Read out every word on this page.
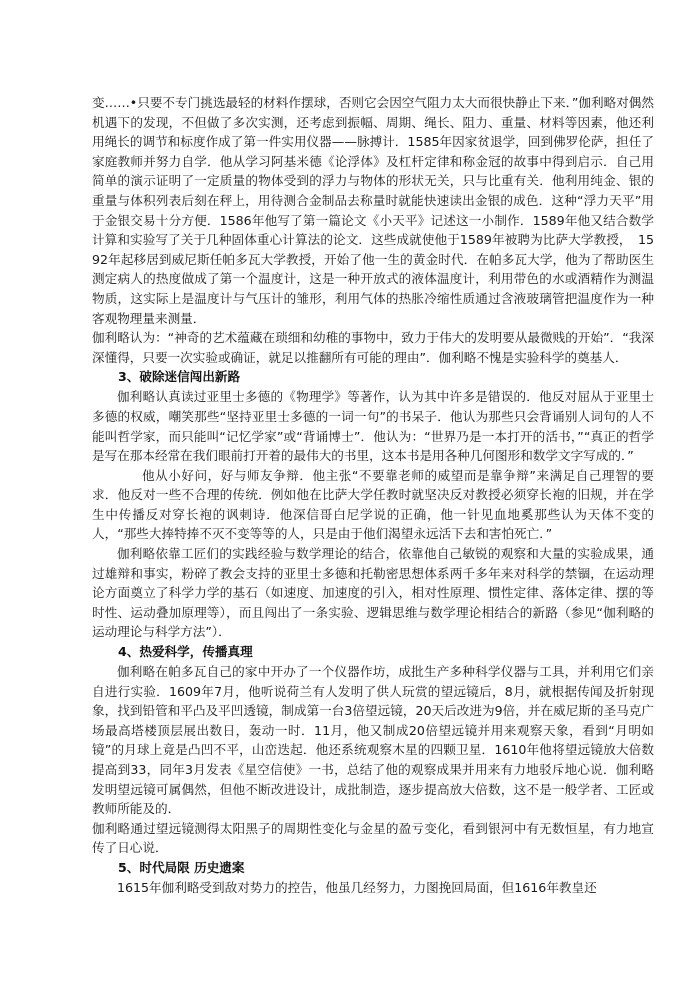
变……•只要不专门挑选最轻的材料作摆球，否则它会因空气阻力太大而很快静止下来．”伽利略对偶然机遇下的发现，不但做了多次实测，还考虑到振幅、周期、绳长、阻力、重量、材料等因素，他还利用绳长的调节和标度作成了第一件实用仪器——脉搏计．1585年因家贫退学，回到佛罗伦萨，担任了家庭教师并努力自学．他从学习阿基米德《论浮体》及杠杆定律和称金冠的故事中得到启示．自己用简单的演示证明了一定质量的物体受到的浮力与物体的形状无关，只与比重有关．他利用纯金、银的重量与体积列表后刻在秤上，用待测合金制品去称量时就能快速读出金银的成色．这种“浮力天平”用于金银交易十分方便．1586年他写了第一篇论文《小天平》记述这一小制作．1589年他又结合数学计算和实验写了关于几种固体重心计算法的论文．这些成就使他于1589年被聘为比萨大学教授，　1592年起移居到威尼斯任帕多瓦大学教授，开始了他一生的黄金时代．在帕多瓦大学，他为了帮助医生测定病人的热度做成了第一个温度计，这是一种开放式的液体温度计，利用带色的水或酒精作为测温物质，这实际上是温度计与气压计的雏形，利用气体的热胀冷缩性质通过含液玻璃管把温度作为一种客观物理量来测量．

伽利略认为：“神奇的艺术蕴藏在琐细和幼稚的事物中，致力于伟大的发明要从最微贱的开始”．“我深深懂得，只要一次实验或确证，就足以推翻所有可能的理由”．伽利略不愧是实验科学的奠基人．

3、破除迷信闯出新路

伽利略认真读过亚里士多德的《物理学》等著作，认为其中许多是错误的．他反对屈从于亚里士多德的权威，嘲笑那些“坚持亚里士多德的一词一句”的书呆子．他认为那些只会背诵别人词句的人不能叫哲学家，而只能叫“记忆学家”或“背诵博士”．他认为：“世界乃是一本打开的活书，”“真正的哲学是写在那本经常在我们眼前打开着的最伟大的书里，这本书是用各种几何图形和数学文字写成的．”

他从小好问，好与师友争辩．他主张“不要靠老师的威望而是靠争辩”来满足自己理智的要求．他反对一些不合理的传统．例如他在比萨大学任教时就坚决反对教授必须穿长袍的旧规，并在学生中传播反对穿长袍的讽刺诗．他深信哥白尼学说的正确，他一针见血地奚那些认为天体不变的人，“那些大捧特捧不灭不变等等的人，只是由于他们渴望永远活下去和害怕死亡．”

伽利略依靠工匠们的实践经验与数学理论的结合，依靠他自己敏锐的观察和大量的实验成果，通过雄辩和事实，粉碎了教会支持的亚里士多德和托勒密思想体系两千多年来对科学的禁锢，在运动理论方面奠立了科学力学的基石（如速度、加速度的引入，相对性原理、惯性定律、落体定律、摆的等时性、运动叠加原理等），而且闯出了一条实验、逻辑思维与数学理论相结合的新路（参见“伽利略的运动理论与科学方法”）．

4、热爱科学，传播真理

伽利略在帕多瓦自己的家中开办了一个仪器作坊，成批生产多种科学仪器与工具，并利用它们亲自进行实验．1609年7月，他听说荷兰有人发明了供人玩赏的望远镜后，8月，就根据传闻及折射现象，找到铅管和平凸及平凹透镜，制成第一台3倍望远镜，20天后改进为9倍，并在威尼斯的圣马克广场最高塔楼顶层展出数日，轰动一时．11月，他又制成20倍望远镜并用来观察天象，看到“月明如镜”的月球上竟是凸凹不平，山峦迭起．他还系统观察木星的四颗卫星．1610年他将望远镜放大倍数提高到33，同年3月发表《星空信使》一书，总结了他的观察成果并用来有力地驳斥地心说．伽利略发明望远镜可属偶然，但他不断改进设计，成批制造，逐步提高放大倍数，这不是一般学者、工匠或教师所能及的．

伽利略通过望远镜测得太阳黑子的周期性变化与金星的盈亏变化，看到银河中有无数恒星，有力地宣传了日心说．

5、时代局限 历史遗案

1615年伽利略受到敌对势力的控告，他虽几经努力，力图挽回局面，但1616年教皇还
